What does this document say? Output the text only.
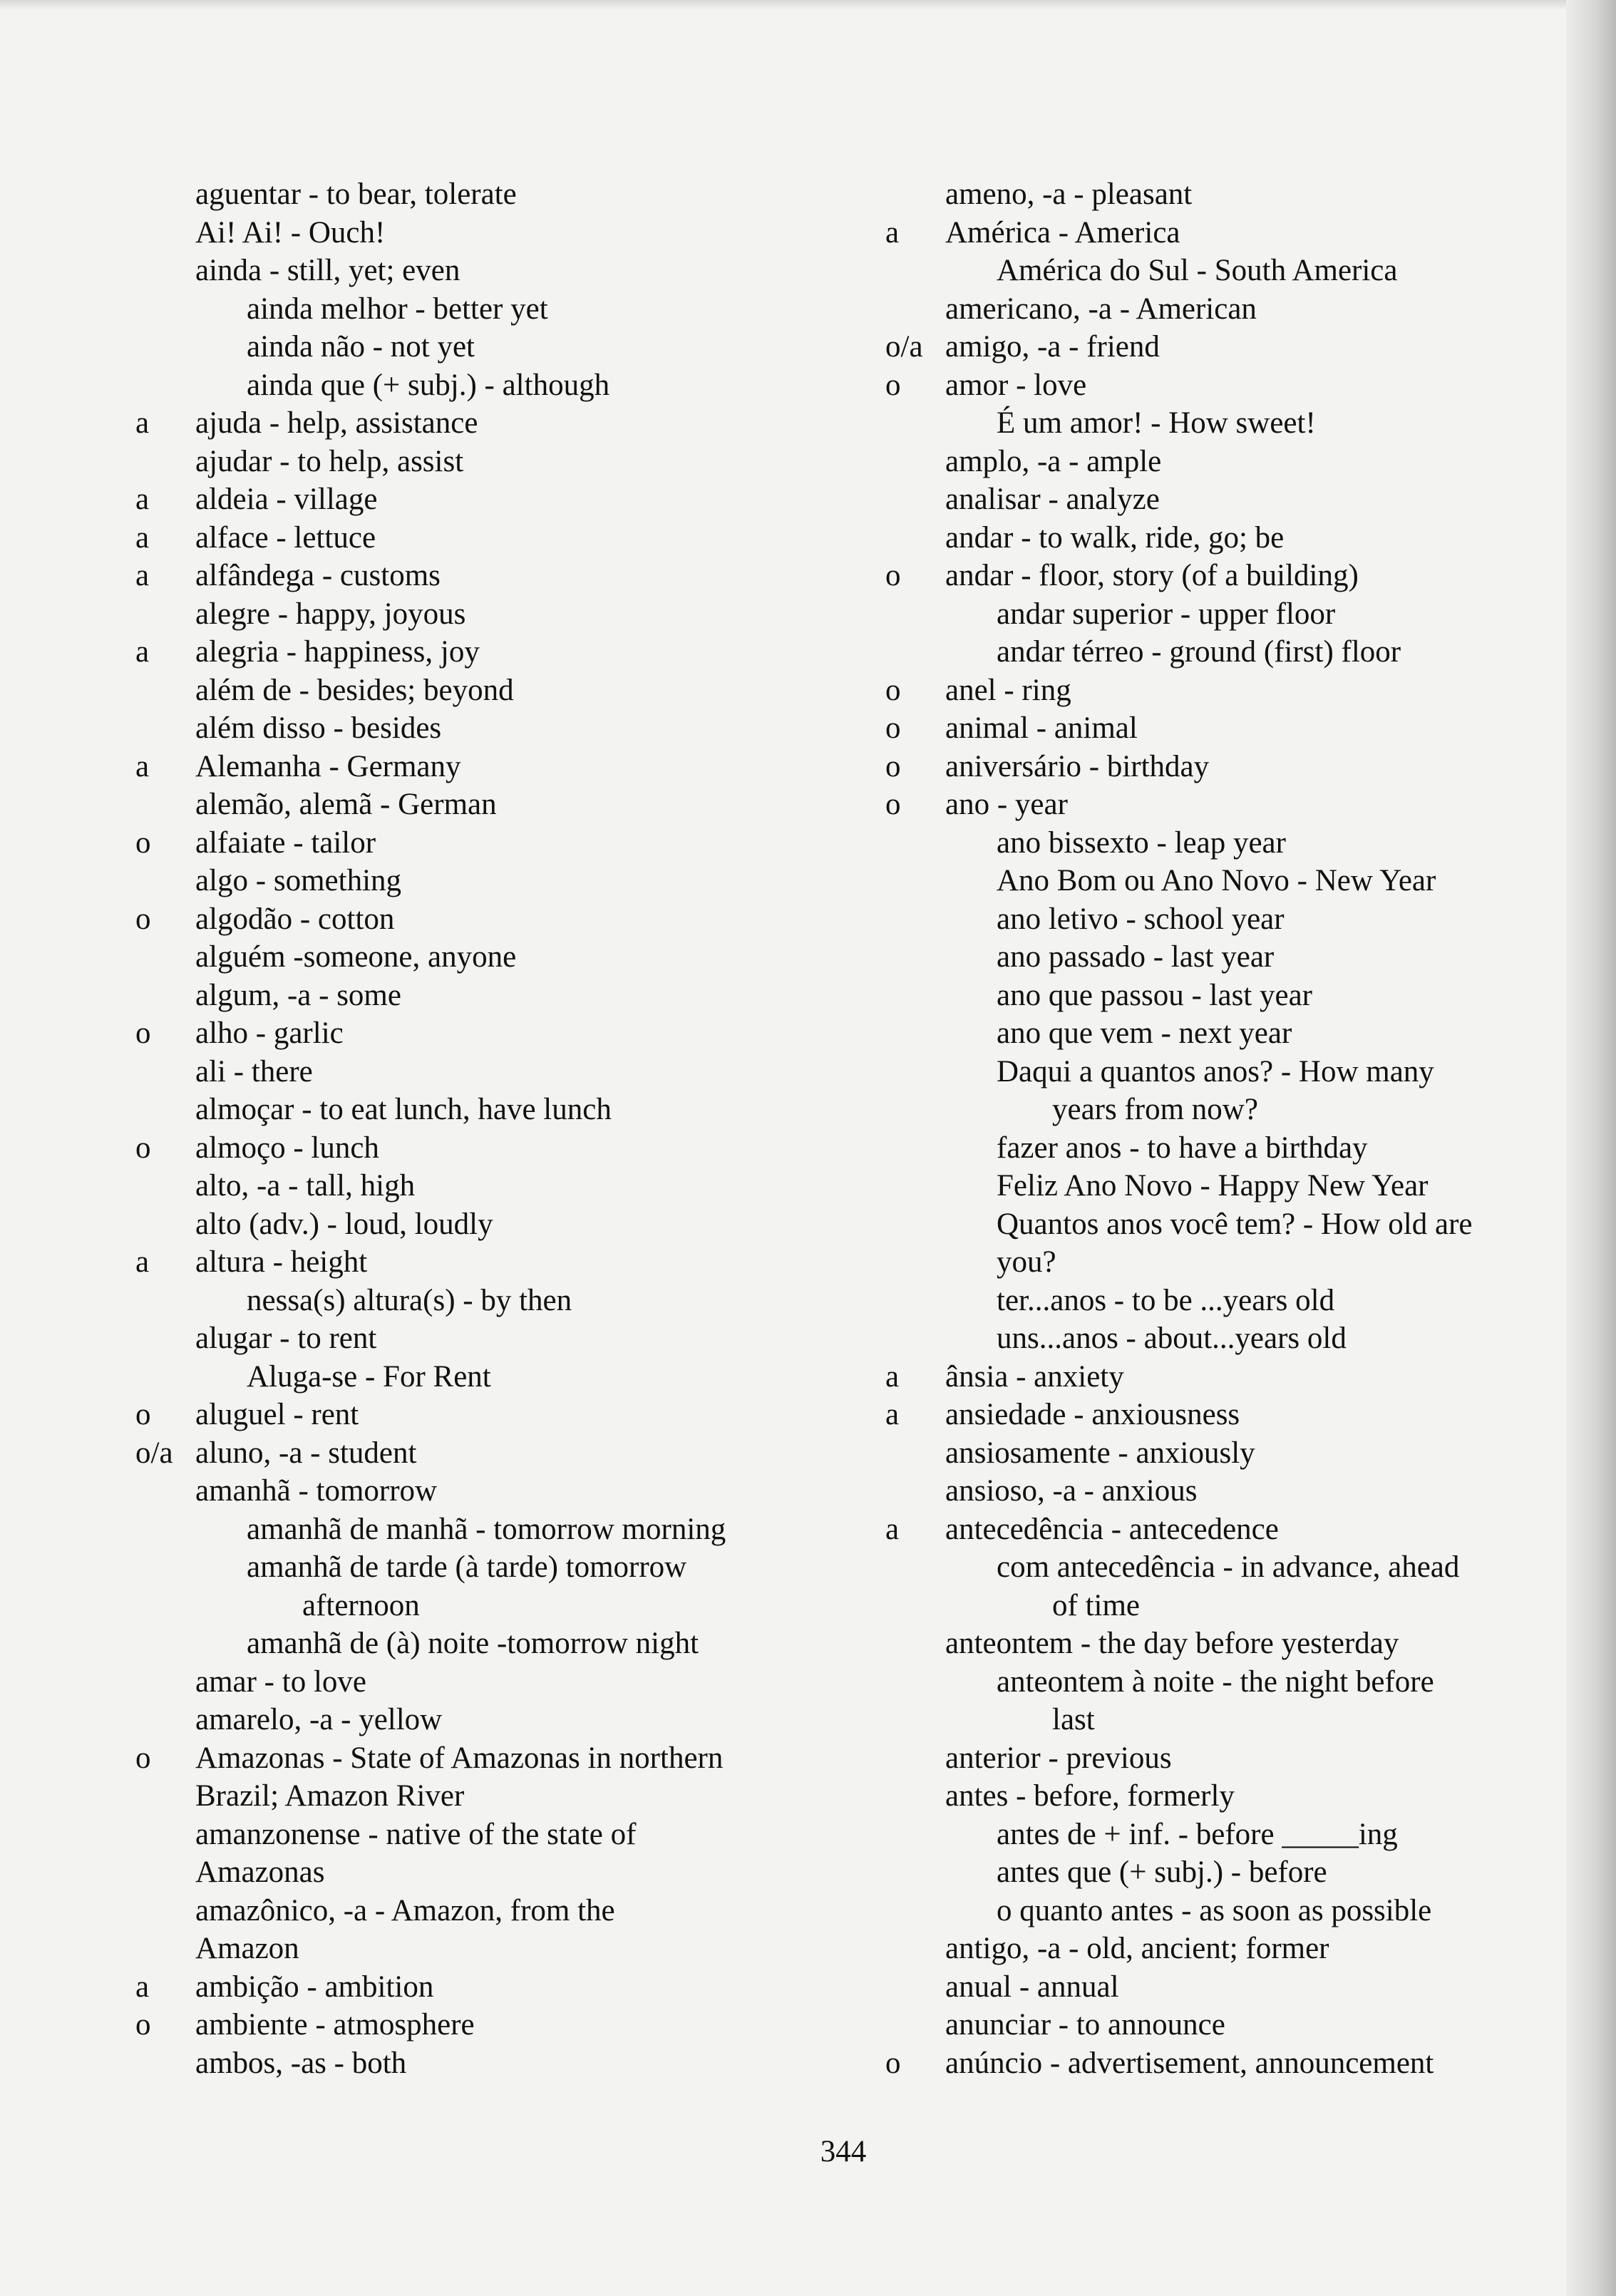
aguentar - to bear, tolerate
Ai! Ai! - Ouch!
ainda - still, yet; even
ainda melhor - better yet
ainda não - not yet
ainda que (+ subj.) - although
a	ajuda - help, assistance
ajudar - to help, assist
a	aldeia - village
a	alface - lettuce
a	alfândega - customs
alegre - happy, joyous
a	alegria - happiness, joy
além de - besides; beyond
além disso - besides
a	Alemanha - Germany
alemão, alemã - German
o	alfaiate - tailor
algo - something
o	algodão - cotton
alguém -someone, anyone
algum, -a - some
o	alho - garlic
ali - there
almoçar - to eat lunch, have lunch
o	almoço - lunch
alto, -a - tall, high
alto (adv.) - loud, loudly
a	altura - height
nessa(s) altura(s) - by then
alugar - to rent
Aluga-se - For Rent
o	aluguel - rent
o/a aluno, -a - student
amanhã - tomorrow
amanhã de manhã - tomorrow morning
amanhã de tarde (à tarde) tomorrow
afternoon
amanhã de (à) noite -tomorrow night
amar - to love
amarelo, -a - yellow
o	Amazonas - State of Amazonas in northern
Brazil; Amazon River
amanzonense - native of the state of
Amazonas
amazônico, -a - Amazon, from the
Amazon
a	ambição - ambition
o	ambiente - atmosphere
ambos, -as - both
ameno, -a - pleasant
a	América - America
América do Sul - South America
americano, -a - American
o/a amigo, -a - friend
o	amor - love
É um amor! - How sweet!
amplo, -a - ample
analisar - analyze
andar - to walk, ride, go; be
o	andar - floor, story (of a building)
andar superior - upper floor
andar térreo - ground (first) floor
o	anel - ring
o	animal - animal
o	aniversário - birthday
o	ano - year
ano bissexto - leap year
Ano Bom ou Ano Novo - New Year
ano letivo - school year
ano passado - last year
ano que passou - last year
ano que vem - next year
Daqui a quantos anos? - How many
years from now?
fazer anos - to have a birthday
Feliz Ano Novo - Happy New Year
Quantos anos você tem? - How old are
you?
ter...anos - to be ...years old
uns...anos - about...years old
a	ânsia - anxiety
a	ansiedade - anxiousness
ansiosamente - anxiously
ansioso, -a - anxious
a	antecedência - antecedence
com antecedência - in advance, ahead
of time
anteontem - the day before yesterday
anteontem à noite - the night before
last
anterior - previous
antes - before, formerly
antes de + inf. - before _____ing
antes que (+ subj.) - before
o quanto antes - as soon as possible
antigo, -a - old, ancient; former
anual - annual
anunciar - to announce
o	anúncio - advertisement, announcement
344
